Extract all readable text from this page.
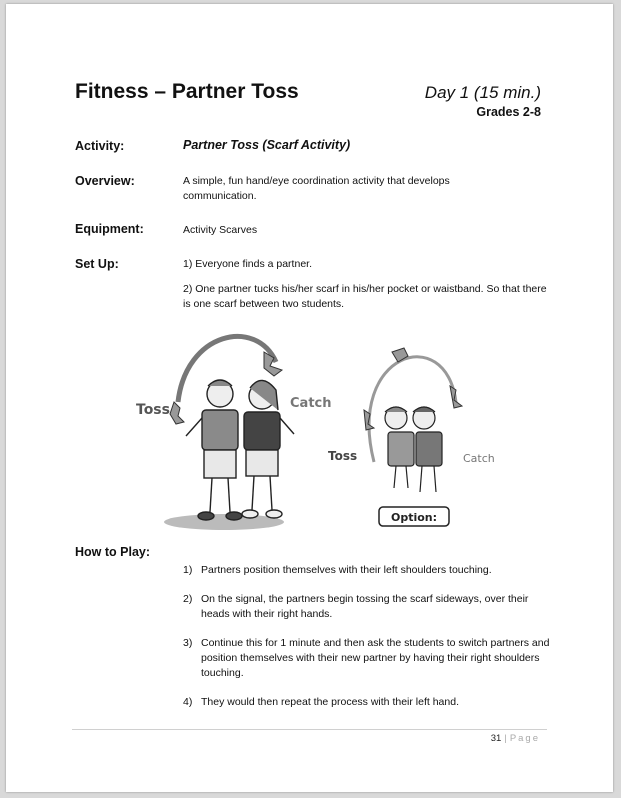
Fitness – Partner Toss	Day 1 (15 min.)
Grades 2-8
Activity:	Partner Toss (Scarf Activity)
Overview:	A simple, fun hand/eye coordination activity that develops communication.
Equipment:	Activity Scarves
Set Up:	1) Everyone finds a partner.
2) One partner tucks his/her scarf in his/her pocket or waistband. So that there is one scarf between two students.
Toss	Catch
Toss	Catch
Option:
How to Play:
1) Partners position themselves with their left shoulders touching.
2) On the signal, the partners begin tossing the scarf sideways, over their heads with their right hands.
3) Continue this for 1 minute and then ask the students to switch partners and position themselves with their new partner by having their right shoulders touching.
4) They would then repeat the process with their left hand.
31 | Page
